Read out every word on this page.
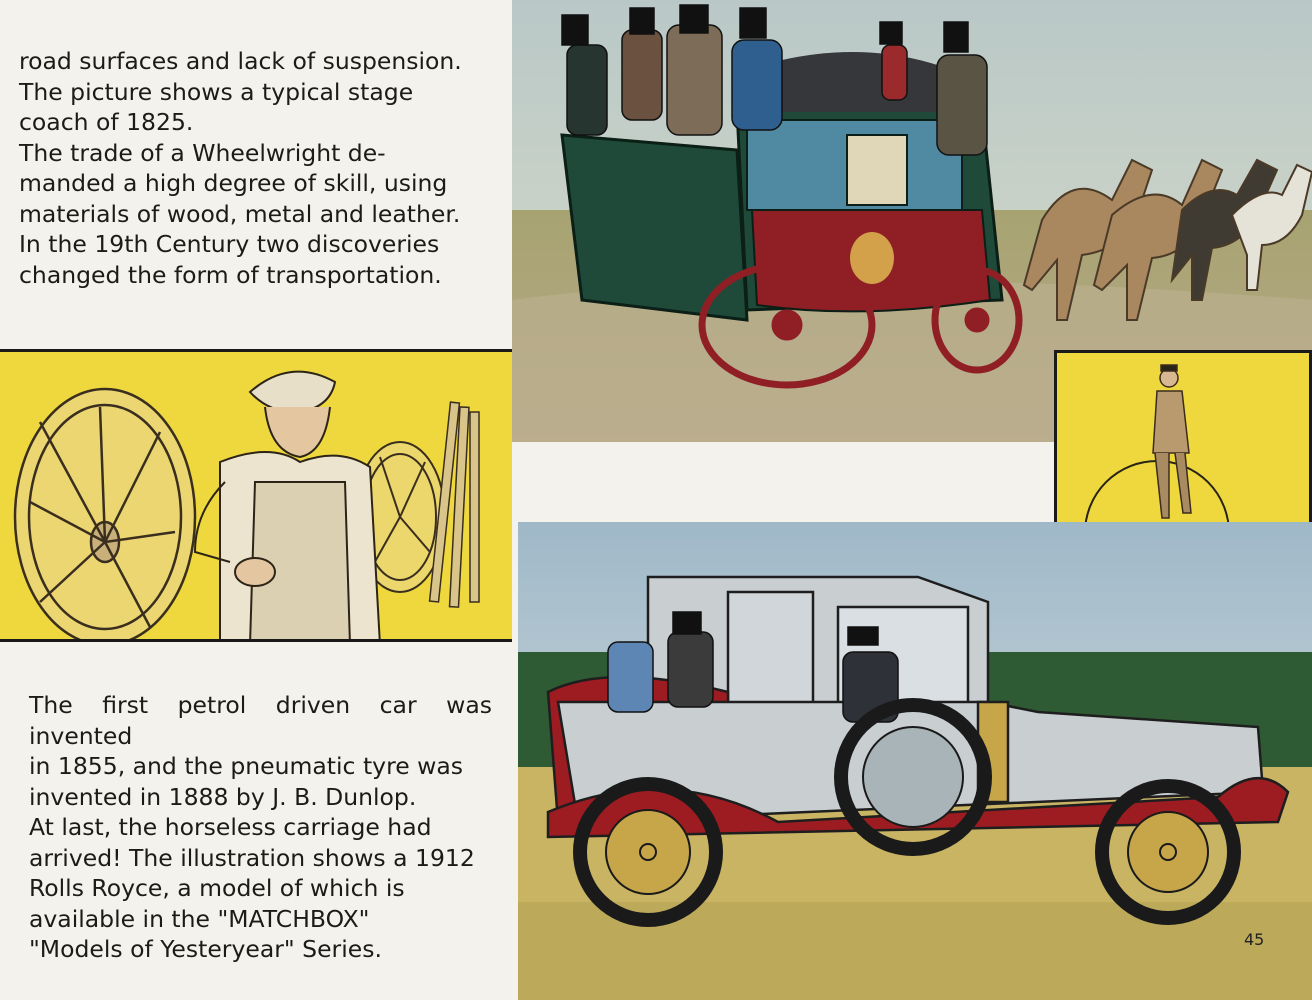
road surfaces and lack of suspension.

The picture shows a typical stage

coach of 1825.

The trade of a Wheelwright de-

manded a high degree of skill, using

materials of wood, metal and leather.

In the 19th Century two discoveries

changed the form of transportation.

The first petrol driven car was invented

in 1855, and the pneumatic tyre was

invented in 1888 by J. B. Dunlop.

At last, the horseless carriage had

arrived! The illustration shows a 1912

Rolls Royce, a model of which is

available in the "MATCHBOX"

"Models of Yesteryear" Series.	45
